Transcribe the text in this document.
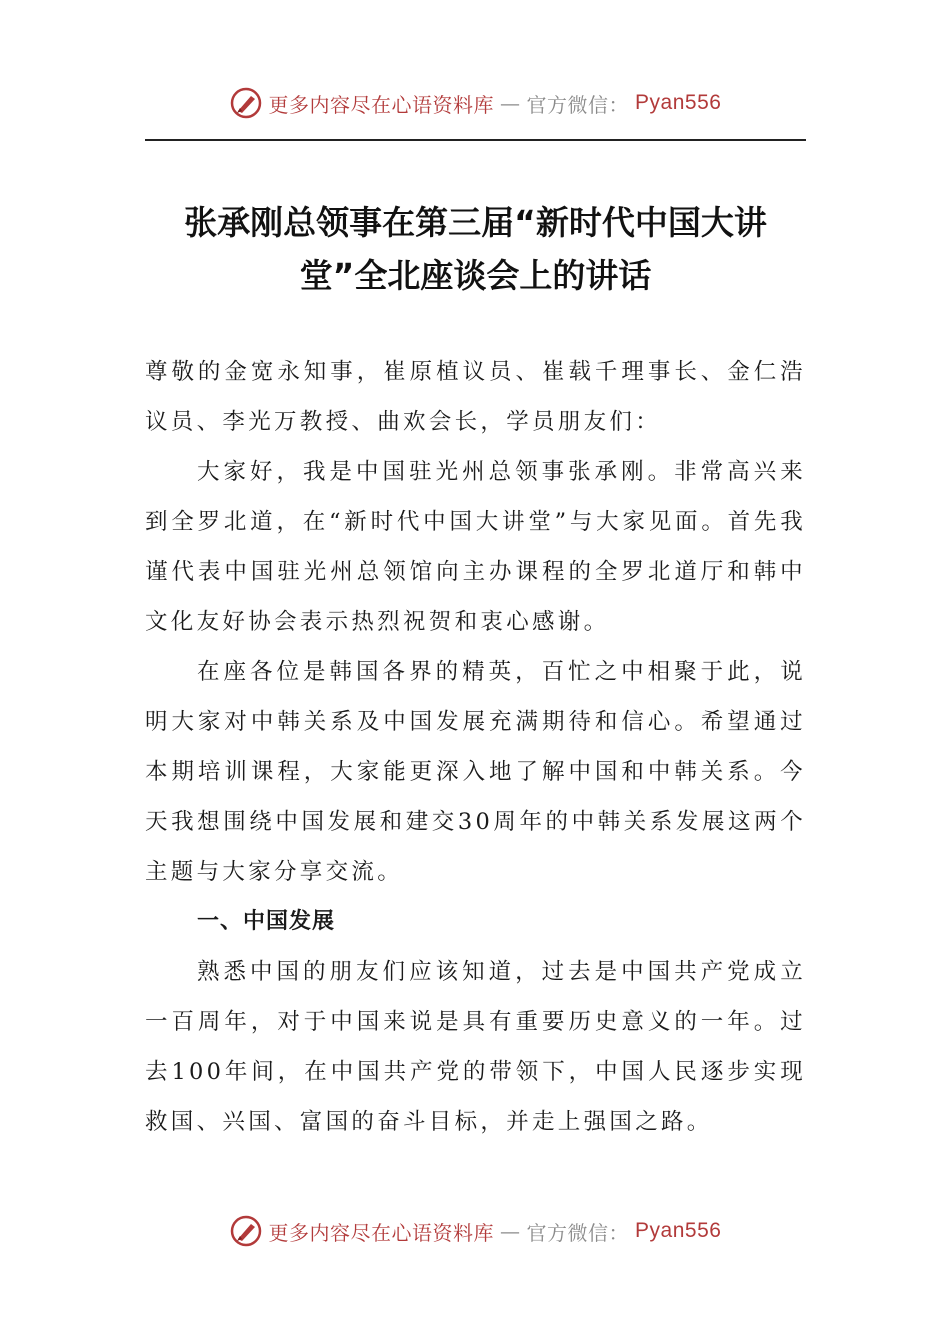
更多内容尽在心语资料库 — 官方微信： Pyan556
张承刚总领事在第三届“新时代中国大讲堂”全北座谈会上的讲话

尊敬的金宽永知事，崔原植议员、崔载千理事长、金仁浩议员、李光万教授、曲欢会长，学员朋友们：

大家好，我是中国驻光州总领事张承刚。非常高兴来到全罗北道，在“新时代中国大讲堂”与大家见面。首先我谨代表中国驻光州总领馆向主办课程的全罗北道厅和韩中文化友好协会表示热烈祝贺和衷心感谢。

在座各位是韩国各界的精英，百忙之中相聚于此，说明大家对中韩关系及中国发展充满期待和信心。希望通过本期培训课程，大家能更深入地了解中国和中韩关系。今天我想围绕中国发展和建交30周年的中韩关系发展这两个主题与大家分享交流。

一、中国发展

熟悉中国的朋友们应该知道，过去是中国共产党成立一百周年，对于中国来说是具有重要历史意义的一年。过去100年间，在中国共产党的带领下，中国人民逐步实现救国、兴国、富国的奋斗目标，并走上强国之路。

更多内容尽在心语资料库 — 官方微信： Pyan556
